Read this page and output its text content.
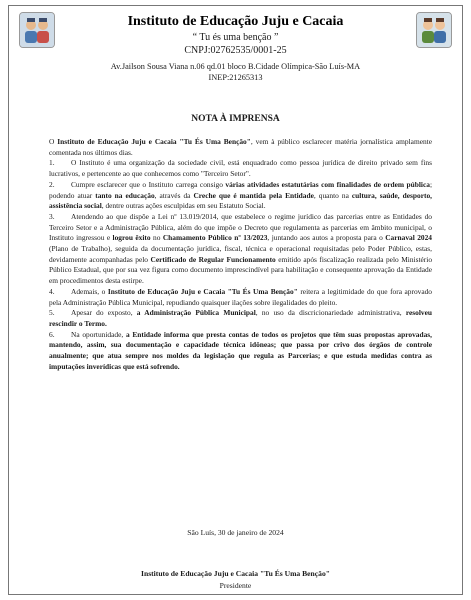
Instituto de Educação Juju e Cacaia
“ Tu és uma benção ”
CNPJ:02762535/0001-25
Av.Jailson Sousa Viana n.06 qd.01 bloco B.Cidade Olímpica-São Luís-MA
INEP:21265313
NOTA À IMPRENSA

O Instituto de Educação Juju e Cacaia "Tu És Uma Benção", vem à público esclarecer matéria jornalística amplamente comentada nos últimos dias.

1. O Instituto é uma organização da sociedade civil, está enquadrado como pessoa jurídica de direito privado sem fins lucrativos, e pertencente ao que conhecemos como "Terceiro Setor".

2. Cumpre esclarecer que o Instituto carrega consigo várias atividades estatutárias com finalidades de ordem pública; podendo atuar tanto na educação, através da Creche que é mantida pela Entidade, quanto na cultura, saúde, desporto, assistência social, dentre outras ações esculpidas em seu Estatuto Social.

3. Atendendo ao que dispõe a Lei nº 13.019/2014, que estabelece o regime jurídico das parcerias entre as Entidades do Terceiro Setor e a Administração Pública, além do que impõe o Decreto que regulamenta as parcerias em âmbito municipal, o Instituto ingressou e logrou êxito no Chamamento Público nº 13/2023, juntando aos autos a proposta para o Carnaval 2024 (Plano de Trabalho), seguida da documentação jurídica, fiscal, técnica e operacional requisitadas pelo Poder Público, estas, devidamente acompanhadas pelo Certificado de Regular Funcionamento emitido após fiscalização realizada pelo Ministério Público Estadual, que por sua vez figura como documento imprescindível para habilitação e consequente aprovação da Entidade em procedimentos desta estirpe.

4. Ademais, o Instituto de Educação Juju e Cacaia "Tu És Uma Benção" reitera a legitimidade do que fora aprovado pela Administração Pública Municipal, repudiando quaisquer ilações sobre ilegalidades do pleito.

5. Apesar do exposto, a Administração Pública Municipal, no uso da discricionariedade administrativa, resolveu rescindir o Termo.

6. Na oportunidade, a Entidade informa que presta contas de todos os projetos que têm suas propostas aprovadas, mantendo, assim, sua documentação e capacidade técnica idôneas; que passa por crivo dos órgãos de controle anualmente; que atua sempre nos moldes da legislação que regula as Parcerias; e que estuda medidas contra as imputações inverídicas que está sofrendo.

São Luís, 30 de janeiro de 2024
Instituto de Educação Juju e Cacaia "Tu És Uma Benção"
Presidente
